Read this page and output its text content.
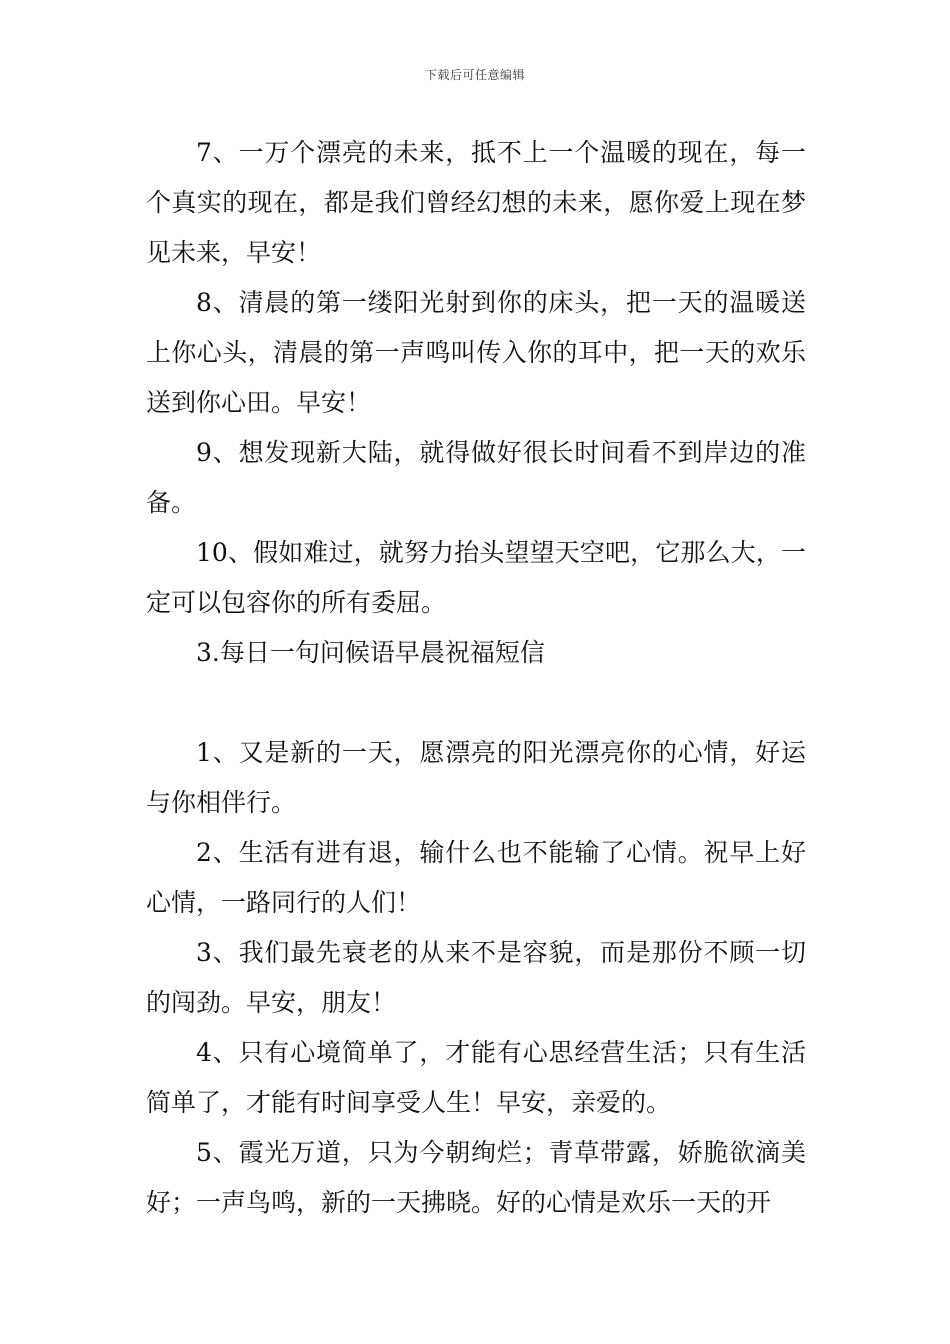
下载后可任意编辑

7、一万个漂亮的未来，抵不上一个温暖的现在，每一个真实的现在，都是我们曾经幻想的未来，愿你爱上现在梦见未来，早安！

8、清晨的第一缕阳光射到你的床头，把一天的温暖送上你心头，清晨的第一声鸣叫传入你的耳中，把一天的欢乐送到你心田。早安！

9、想发现新大陆，就得做好很长时间看不到岸边的准备。

10、假如难过，就努力抬头望望天空吧，它那么大，一定可以包容你的所有委屈。

3.每日一句问候语早晨祝福短信

1、又是新的一天，愿漂亮的阳光漂亮你的心情，好运与你相伴行。

2、生活有进有退，输什么也不能输了心情。祝早上好心情，一路同行的人们！

3、我们最先衰老的从来不是容貌，而是那份不顾一切的闯劲。早安，朋友！

4、只有心境简单了，才能有心思经营生活；只有生活简单了，才能有时间享受人生！早安，亲爱的。

5、霞光万道，只为今朝绚烂；青草带露，娇脆欲滴美好；一声鸟鸣，新的一天拂晓。好的心情是欢乐一天的开
